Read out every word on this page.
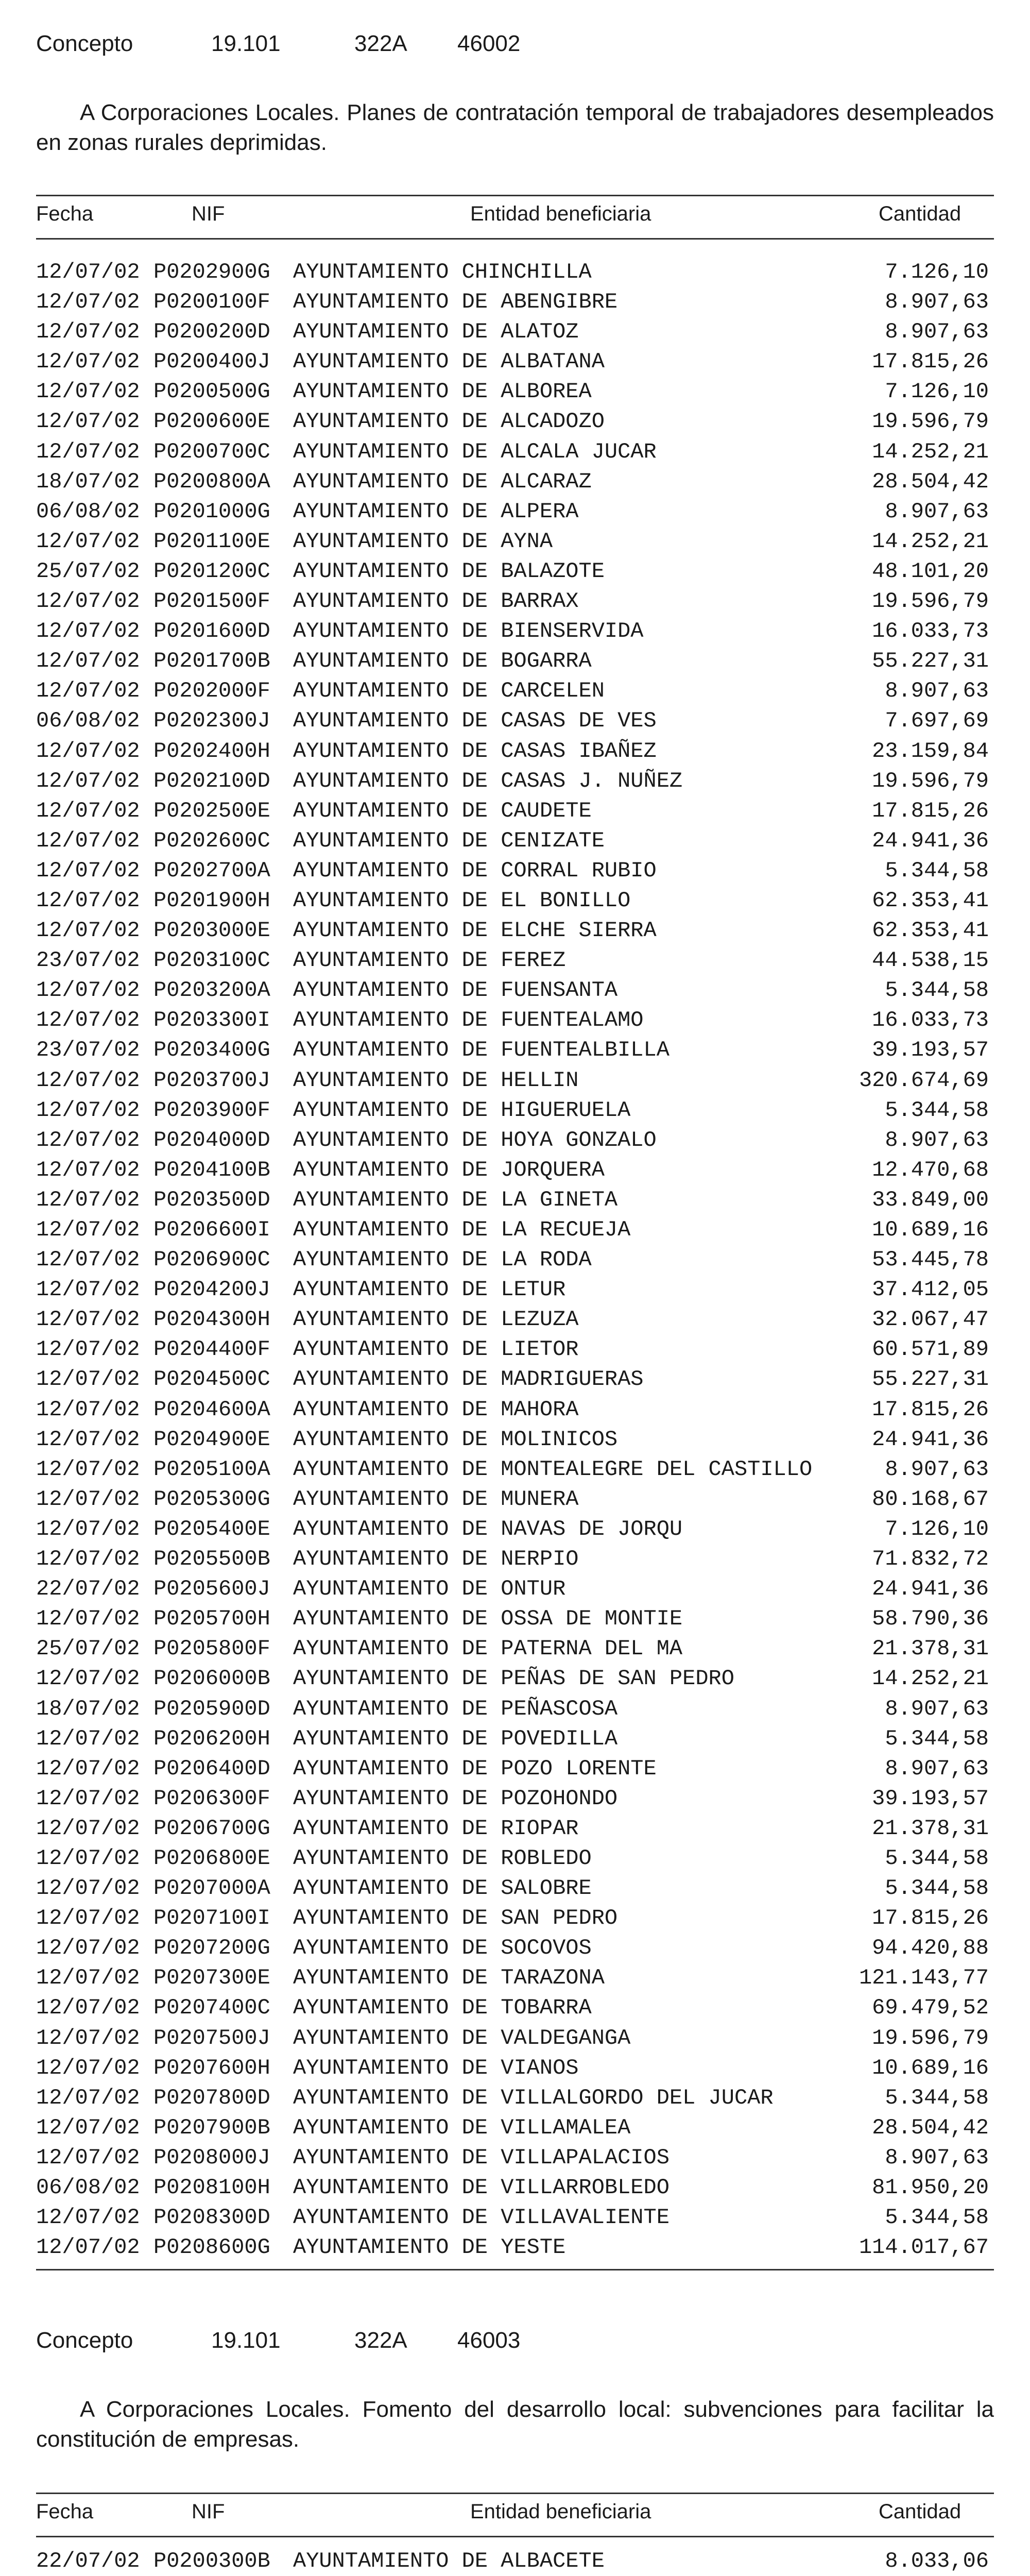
Concepto	19.101	322A	46002
A Corporaciones Locales. Planes de contratación temporal de trabajadores desempleados en zonas rurales deprimidas.
Fecha	NIF	Entidad beneficiaria	Cantidad
12/07/02 P0202900G AYUNTAMIENTO CHINCHILLA	7.126,10
12/07/02 P0200100F AYUNTAMIENTO DE ABENGIBRE	8.907,63
12/07/02 P0200200D AYUNTAMIENTO DE ALATOZ	8.907,63
12/07/02 P0200400J AYUNTAMIENTO DE ALBATANA	17.815,26
12/07/02 P0200500G AYUNTAMIENTO DE ALBOREA	7.126,10
12/07/02 P0200600E AYUNTAMIENTO DE ALCADOZO	19.596,79
12/07/02 P0200700C AYUNTAMIENTO DE ALCALA JUCAR	14.252,21
18/07/02 P0200800A AYUNTAMIENTO DE ALCARAZ	28.504,42
06/08/02 P0201000G AYUNTAMIENTO DE ALPERA	8.907,63
12/07/02 P0201100E AYUNTAMIENTO DE AYNA	14.252,21
25/07/02 P0201200C AYUNTAMIENTO DE BALAZOTE	48.101,20
12/07/02 P0201500F AYUNTAMIENTO DE BARRAX	19.596,79
12/07/02 P0201600D AYUNTAMIENTO DE BIENSERVIDA	16.033,73
12/07/02 P0201700B AYUNTAMIENTO DE BOGARRA	55.227,31
12/07/02 P0202000F AYUNTAMIENTO DE CARCELEN	8.907,63
06/08/02 P0202300J AYUNTAMIENTO DE CASAS DE VES	7.697,69
12/07/02 P0202400H AYUNTAMIENTO DE CASAS IBAÑEZ	23.159,84
12/07/02 P0202100D AYUNTAMIENTO DE CASAS J. NUÑEZ	19.596,79
12/07/02 P0202500E AYUNTAMIENTO DE CAUDETE	17.815,26
12/07/02 P0202600C AYUNTAMIENTO DE CENIZATE	24.941,36
12/07/02 P0202700A AYUNTAMIENTO DE CORRAL RUBIO	5.344,58
12/07/02 P0201900H AYUNTAMIENTO DE EL BONILLO	62.353,41
12/07/02 P0203000E AYUNTAMIENTO DE ELCHE SIERRA	62.353,41
23/07/02 P0203100C AYUNTAMIENTO DE FEREZ	44.538,15
12/07/02 P0203200A AYUNTAMIENTO DE FUENSANTA	5.344,58
12/07/02 P0203300I AYUNTAMIENTO DE FUENTEALAMO	16.033,73
23/07/02 P0203400G AYUNTAMIENTO DE FUENTEALBILLA	39.193,57
12/07/02 P0203700J AYUNTAMIENTO DE HELLIN	320.674,69
12/07/02 P0203900F AYUNTAMIENTO DE HIGUERUELA	5.344,58
12/07/02 P0204000D AYUNTAMIENTO DE HOYA GONZALO	8.907,63
12/07/02 P0204100B AYUNTAMIENTO DE JORQUERA	12.470,68
12/07/02 P0203500D AYUNTAMIENTO DE LA GINETA	33.849,00
12/07/02 P0206600I AYUNTAMIENTO DE LA RECUEJA	10.689,16
12/07/02 P0206900C AYUNTAMIENTO DE LA RODA	53.445,78
12/07/02 P0204200J AYUNTAMIENTO DE LETUR	37.412,05
12/07/02 P0204300H AYUNTAMIENTO DE LEZUZA	32.067,47
12/07/02 P0204400F AYUNTAMIENTO DE LIETOR	60.571,89
12/07/02 P0204500C AYUNTAMIENTO DE MADRIGUERAS	55.227,31
12/07/02 P0204600A AYUNTAMIENTO DE MAHORA	17.815,26
12/07/02 P0204900E AYUNTAMIENTO DE MOLINICOS	24.941,36
12/07/02 P0205100A AYUNTAMIENTO DE MONTEALEGRE DEL CASTILLO	8.907,63
12/07/02 P0205300G AYUNTAMIENTO DE MUNERA	80.168,67
12/07/02 P0205400E AYUNTAMIENTO DE NAVAS DE JORQU	7.126,10
12/07/02 P0205500B AYUNTAMIENTO DE NERPIO	71.832,72
22/07/02 P0205600J AYUNTAMIENTO DE ONTUR	24.941,36
12/07/02 P0205700H AYUNTAMIENTO DE OSSA DE MONTIE	58.790,36
25/07/02 P0205800F AYUNTAMIENTO DE PATERNA DEL MA	21.378,31
12/07/02 P0206000B AYUNTAMIENTO DE PEÑAS DE SAN PEDRO	14.252,21
18/07/02 P0205900D AYUNTAMIENTO DE PEÑASCOSA	8.907,63
12/07/02 P0206200H AYUNTAMIENTO DE POVEDILLA	5.344,58
12/07/02 P0206400D AYUNTAMIENTO DE POZO LORENTE	8.907,63
12/07/02 P0206300F AYUNTAMIENTO DE POZOHONDO	39.193,57
12/07/02 P0206700G AYUNTAMIENTO DE RIOPAR	21.378,31
12/07/02 P0206800E AYUNTAMIENTO DE ROBLEDO	5.344,58
12/07/02 P0207000A AYUNTAMIENTO DE SALOBRE	5.344,58
12/07/02 P0207100I AYUNTAMIENTO DE SAN PEDRO	17.815,26
12/07/02 P0207200G AYUNTAMIENTO DE SOCOVOS	94.420,88
12/07/02 P0207300E AYUNTAMIENTO DE TARAZONA	121.143,77
12/07/02 P0207400C AYUNTAMIENTO DE TOBARRA	69.479,52
12/07/02 P0207500J AYUNTAMIENTO DE VALDEGANGA	19.596,79
12/07/02 P0207600H AYUNTAMIENTO DE VIANOS	10.689,16
12/07/02 P0207800D AYUNTAMIENTO DE VILLALGORDO DEL JUCAR	5.344,58
12/07/02 P0207900B AYUNTAMIENTO DE VILLAMALEA	28.504,42
12/07/02 P0208000J AYUNTAMIENTO DE VILLAPALACIOS	8.907,63
06/08/02 P0208100H AYUNTAMIENTO DE VILLARROBLEDO	81.950,20
12/07/02 P0208300D AYUNTAMIENTO DE VILLAVALIENTE	5.344,58
12/07/02 P0208600G AYUNTAMIENTO DE YESTE	114.017,67
Concepto	19.101	322A	46003
A Corporaciones Locales. Fomento del desarrollo local: subvenciones para facilitar la constitución de empresas.
Fecha	NIF	Entidad beneficiaria	Cantidad
22/07/02 P0200300B AYUNTAMIENTO DE ALBACETE	8.033,06
